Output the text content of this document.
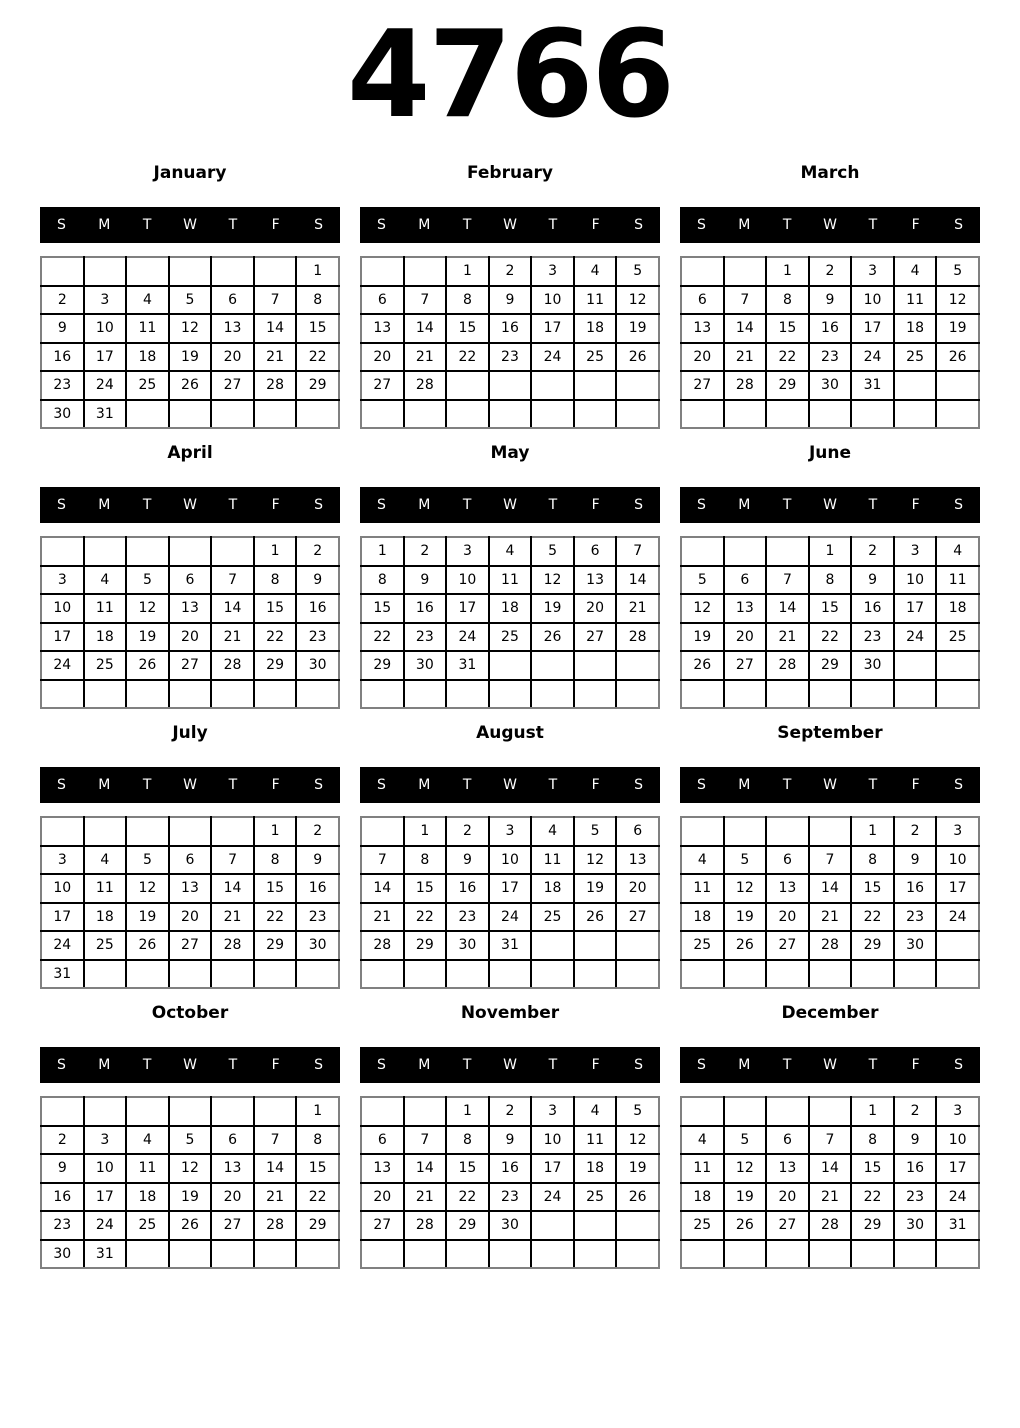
4766
January
S	M	T	W	T	F	S
						1
2	3	4	5	6	7	8
9	10	11	12	13	14	15
16	17	18	19	20	21	22
23	24	25	26	27	28	29
30	31					
February
S	M	T	W	T	F	S
		1	2	3	4	5
6	7	8	9	10	11	12
13	14	15	16	17	18	19
20	21	22	23	24	25	26
27	28					

March
S	M	T	W	T	F	S
		1	2	3	4	5
6	7	8	9	10	11	12
13	14	15	16	17	18	19
20	21	22	23	24	25	26
27	28	29	30	31		

April
S	M	T	W	T	F	S
					1	2
3	4	5	6	7	8	9
10	11	12	13	14	15	16
17	18	19	20	21	22	23
24	25	26	27	28	29	30

May
S	M	T	W	T	F	S
1	2	3	4	5	6	7
8	9	10	11	12	13	14
15	16	17	18	19	20	21
22	23	24	25	26	27	28
29	30	31				

June
S	M	T	W	T	F	S
			1	2	3	4
5	6	7	8	9	10	11
12	13	14	15	16	17	18
19	20	21	22	23	24	25
26	27	28	29	30		

July
S	M	T	W	T	F	S
					1	2
3	4	5	6	7	8	9
10	11	12	13	14	15	16
17	18	19	20	21	22	23
24	25	26	27	28	29	30
31						
August
S	M	T	W	T	F	S
	1	2	3	4	5	6
7	8	9	10	11	12	13
14	15	16	17	18	19	20
21	22	23	24	25	26	27
28	29	30	31			

September
S	M	T	W	T	F	S
				1	2	3
4	5	6	7	8	9	10
11	12	13	14	15	16	17
18	19	20	21	22	23	24
25	26	27	28	29	30	

October
S	M	T	W	T	F	S
						1
2	3	4	5	6	7	8
9	10	11	12	13	14	15
16	17	18	19	20	21	22
23	24	25	26	27	28	29
30	31					
November
S	M	T	W	T	F	S
		1	2	3	4	5
6	7	8	9	10	11	12
13	14	15	16	17	18	19
20	21	22	23	24	25	26
27	28	29	30			

December
S	M	T	W	T	F	S
				1	2	3
4	5	6	7	8	9	10
11	12	13	14	15	16	17
18	19	20	21	22	23	24
25	26	27	28	29	30	31
